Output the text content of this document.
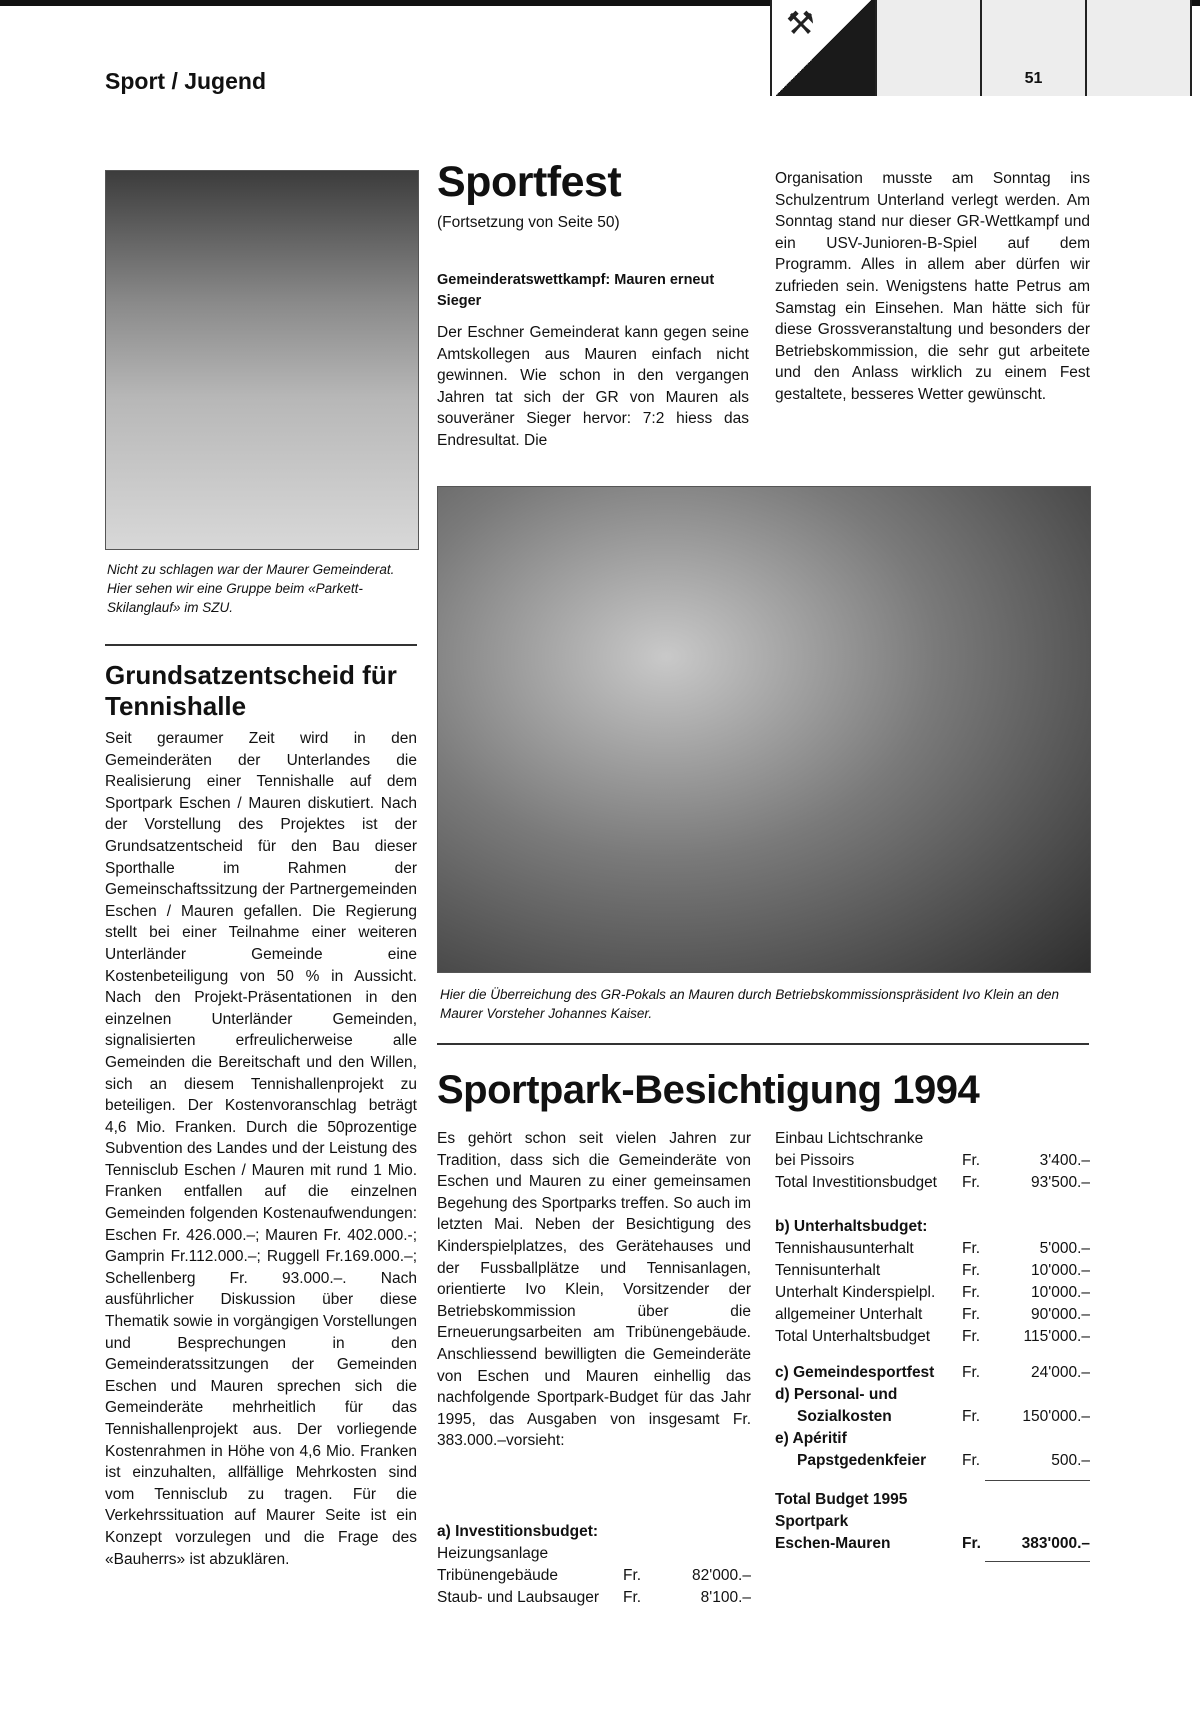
Sport / Jugend
⚒
51
Nicht zu schlagen war der Maurer Gemeinderat. Hier sehen wir eine Gruppe beim «Parkett-Skilanglauf» im SZU.
Sportfest
(Fortsetzung von Seite 50)
Gemeinderatswettkampf: Mauren erneut Sieger
Der Eschner Gemeinderat kann gegen seine Amtskollegen aus Mauren einfach nicht gewinnen. Wie schon in den vergangen Jahren tat sich der GR von Mauren als souveräner Sieger hervor: 7:2 hiess das Endresultat. Die
Organisation musste am Sonntag ins Schulzentrum Unterland verlegt werden. Am Sonntag stand nur dieser GR-Wettkampf und ein USV-Junioren-B-Spiel auf dem Programm. Alles in allem aber dürfen wir zufrieden sein. Wenigstens hatte Petrus am Samstag ein Einsehen. Man hätte sich für diese Grossveranstaltung und besonders der Betriebskommission, die sehr gut arbeitete und den Anlass wirklich zu einem Fest gestaltete, besseres Wetter gewünscht.
Hier die Überreichung des GR-Pokals an Mauren durch Betriebskommissionspräsident Ivo Klein an den Maurer Vorsteher Johannes Kaiser.
Grundsatzentscheid für Tennishalle
Seit geraumer Zeit wird in den Gemeinderäten der Unterlandes die Realisierung einer Tennishalle auf dem Sportpark Eschen / Mauren diskutiert. Nach der Vorstellung des Projektes ist der Grundsatzentscheid für den Bau dieser Sporthalle im Rahmen der Gemeinschaftssitzung der Partnergemeinden Eschen / Mauren gefallen. Die Regierung stellt bei einer Teilnahme einer weiteren Unterländer Gemeinde eine Kostenbeteiligung von 50 % in Aussicht. Nach den Projekt-Präsentationen in den einzelnen Unterländer Gemeinden, signalisierten erfreulicherweise alle Gemeinden die Bereitschaft und den Willen, sich an diesem Tennishallenprojekt zu beteiligen. Der Kostenvoranschlag beträgt 4,6 Mio. Franken. Durch die 50prozentige Subvention des Landes und der Leistung des Tennisclub Eschen / Mauren mit rund 1 Mio. Franken entfallen auf die einzelnen Gemeinden folgenden Kostenaufwendungen: Eschen Fr. 426.000.–; Mauren Fr. 402.000.-; Gamprin Fr.112.000.–; Ruggell Fr.169.000.–; Schellenberg Fr. 93.000.–. Nach ausführlicher Diskussion über diese Thematik sowie in vorgängigen Vorstellungen und Besprechungen in den Gemeinderatssitzungen der Gemeinden Eschen und Mauren sprechen sich die Gemeinderäte mehrheitlich für das Tennishallenprojekt aus. Der vorliegende Kostenrahmen in Höhe von 4,6 Mio. Franken ist einzuhalten, allfällige Mehrkosten sind vom Tennisclub zu tragen. Für die Verkehrssituation auf Maurer Seite ist ein Konzept vorzulegen und die Frage des «Bauherrs» ist abzuklären.
Sportpark-Besichtigung 1994
Es gehört schon seit vielen Jahren zur Tradition, dass sich die Gemeinderäte von Eschen und Mauren zu einer gemeinsamen Begehung des Sportparks treffen. So auch im letzten Mai. Neben der Besichtigung des Kinderspielplatzes, des Gerätehauses und der Fussballplätze und Tennisanlagen, orientierte Ivo Klein, Vorsitzender der Betriebskommission über die Erneuerungsarbeiten am Tribünengebäude. Anschliessend bewilligten die Gemeinderäte von Eschen und Mauren einhellig das nachfolgende Sportpark-Budget für das Jahr 1995, das Ausgaben von insgesamt Fr. 383.000.–vorsieht:
a) Investitionsbudget:
Heizungsanlage
Tribünengebäude	Fr.	82'000.–
Staub- und Laubsauger	Fr.	8'100.–
Einbau Lichtschranke
bei Pissoirs	Fr.	3'400.–
Total Investitionsbudget	Fr.	93'500.–
b) Unterhaltsbudget:
Tennishausunterhalt	Fr.	5'000.–
Tennisunterhalt	Fr.	10'000.–
Unterhalt Kinderspielpl.	Fr.	10'000.–
allgemeiner Unterhalt	Fr.	90'000.–
Total Unterhaltsbudget	Fr.	115'000.–
c) Gemeindesportfest	Fr.	24'000.–
d) Personal- und
Sozialkosten	Fr.	150'000.–
e) Apéritif
Papstgedenkfeier	Fr.	500.–
Total Budget 1995
Sportpark
Eschen-Mauren	Fr.	383'000.–
